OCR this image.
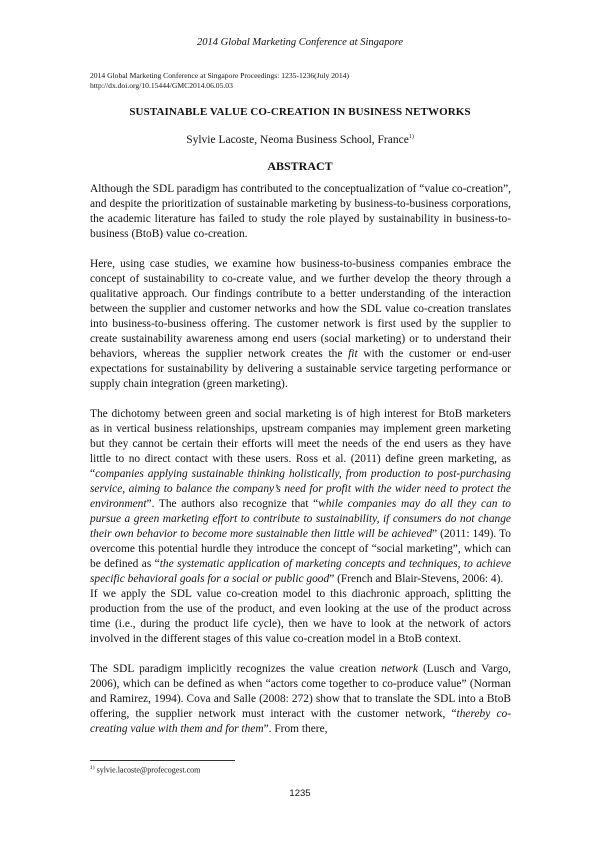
2014 Global Marketing Conference at Singapore
2014 Global Marketing Conference at Singapore Proceedings: 1235-1236(July 2014)
http://dx.doi.org/10.15444/GMC2014.06.05.03
SUSTAINABLE VALUE CO-CREATION IN BUSINESS NETWORKS
Sylvie Lacoste, Neoma Business School, France$^{1)}$
ABSTRACT

Although the SDL paradigm has contributed to the conceptualization of “value co-creation”, and despite the prioritization of sustainable marketing by business-to-business corporations, the academic literature has failed to study the role played by sustainability in business-to-business (BtoB) value co-creation.

Here, using case studies, we examine how business-to-business companies embrace the concept of sustainability to co-create value, and we further develop the theory through a qualitative approach. Our findings contribute to a better understanding of the interaction between the supplier and customer networks and how the SDL value co-creation translates into business-to-business offering. The customer network is first used by the supplier to create sustainability awareness among end users (social marketing) or to understand their behaviors, whereas the supplier network creates the fit with the customer or end-user expectations for sustainability by delivering a sustainable service targeting performance or supply chain integration (green marketing).

The dichotomy between green and social marketing is of high interest for BtoB marketers as in vertical business relationships, upstream companies may implement green marketing but they cannot be certain their efforts will meet the needs of the end users as they have little to no direct contact with these users. Ross et al. (2011) define green marketing, as “companies applying sustainable thinking holistically, from production to post-purchasing service, aiming to balance the company’s need for profit with the wider need to protect the environment”. The authors also recognize that “while companies may do all they can to pursue a green marketing effort to contribute to sustainability, if consumers do not change their own behavior to become more sustainable then little will be achieved” (2011: 149). To overcome this potential hurdle they introduce the concept of “social marketing”, which can be defined as “the systematic application of marketing concepts and techniques, to achieve specific behavioral goals for a social or public good” (French and Blair-Stevens, 2006: 4).

If we apply the SDL value co-creation model to this diachronic approach, splitting the production from the use of the product, and even looking at the use of the product across time (i.e., during the product life cycle), then we have to look at the network of actors involved in the different stages of this value co-creation model in a BtoB context.

The SDL paradigm implicitly recognizes the value creation network (Lusch and Vargo, 2006), which can be defined as when “actors come together to co-produce value” (Norman and Ramirez, 1994). Cova and Salle (2008: 272) show that to translate the SDL into a BtoB offering, the supplier network must interact with the customer network, “thereby co-creating value with them and for them”. From there,

$^{1)}$ sylvie.lacoste@profecogest.com
1235
